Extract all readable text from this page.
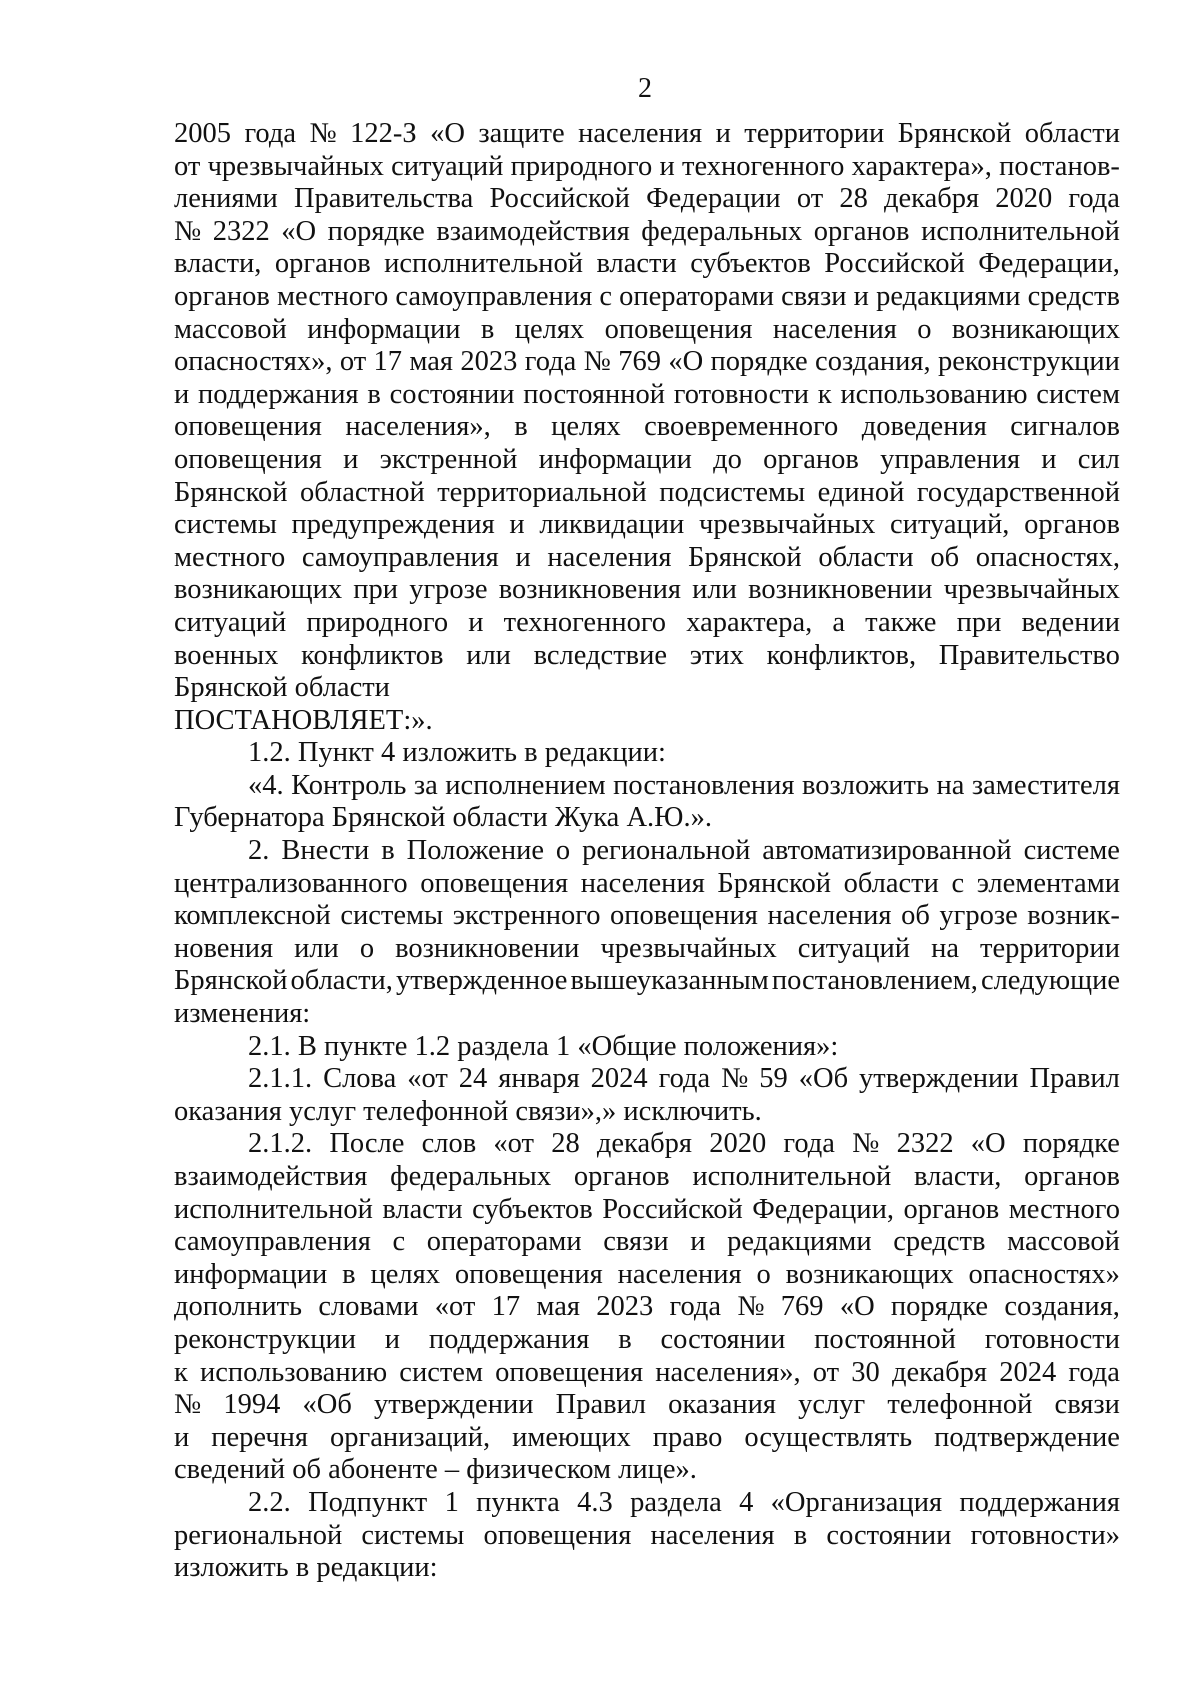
2
2005 года № 122-З «О защите населения и территории Брянской области
от чрезвычайных ситуаций природного и техногенного характера», постанов-
лениями Правительства Российской Федерации от 28 декабря 2020 года
№ 2322 «О порядке взаимодействия федеральных органов исполнительной
власти, органов исполнительной власти субъектов Российской Федерации,
органов местного самоуправления с операторами связи и редакциями средств
массовой информации в целях оповещения населения о возникающих
опасностях», от 17 мая 2023 года № 769 «О порядке создания, реконструкции
и поддержания в состоянии постоянной готовности к использованию систем
оповещения населения», в целях своевременного доведения сигналов
оповещения и экстренной информации до органов управления и сил
Брянской областной территориальной подсистемы единой государственной
системы предупреждения и ликвидации чрезвычайных ситуаций, органов
местного самоуправления и населения Брянской области об опасностях,
возникающих при угрозе возникновения или возникновении чрезвычайных
ситуаций природного и техногенного характера, а также при ведении
военных конфликтов или вследствие этих конфликтов, Правительство
Брянской области
ПОСТАНОВЛЯЕТ:».
1.2. Пункт 4 изложить в редакции:
«4. Контроль за исполнением постановления возложить на заместителя
Губернатора Брянской области Жука А.Ю.».
2. Внести в Положение о региональной автоматизированной системе
централизованного оповещения населения Брянской области с элементами
комплексной системы экстренного оповещения населения об угрозе возник-
новения или о возникновении чрезвычайных ситуаций на территории
Брянской области, утвержденное вышеуказанным постановлением, следующие
изменения:
2.1. В пункте 1.2 раздела 1 «Общие положения»:
2.1.1. Слова «от 24 января 2024 года № 59 «Об утверждении Правил
оказания услуг телефонной связи»,» исключить.
2.1.2. После слов «от 28 декабря 2020 года № 2322 «О порядке
взаимодействия федеральных органов исполнительной власти, органов
исполнительной власти субъектов Российской Федерации, органов местного
самоуправления с операторами связи и редакциями средств массовой
информации в целях оповещения населения о возникающих опасностях»
дополнить словами «от 17 мая 2023 года № 769 «О порядке создания,
реконструкции и поддержания в состоянии постоянной готовности
к использованию систем оповещения населения», от 30 декабря 2024 года
№ 1994 «Об утверждении Правил оказания услуг телефонной связи
и перечня организаций, имеющих право осуществлять подтверждение
сведений об абоненте – физическом лице».
2.2. Подпункт 1 пункта 4.3 раздела 4 «Организация поддержания
региональной системы оповещения населения в состоянии готовности»
изложить в редакции:
